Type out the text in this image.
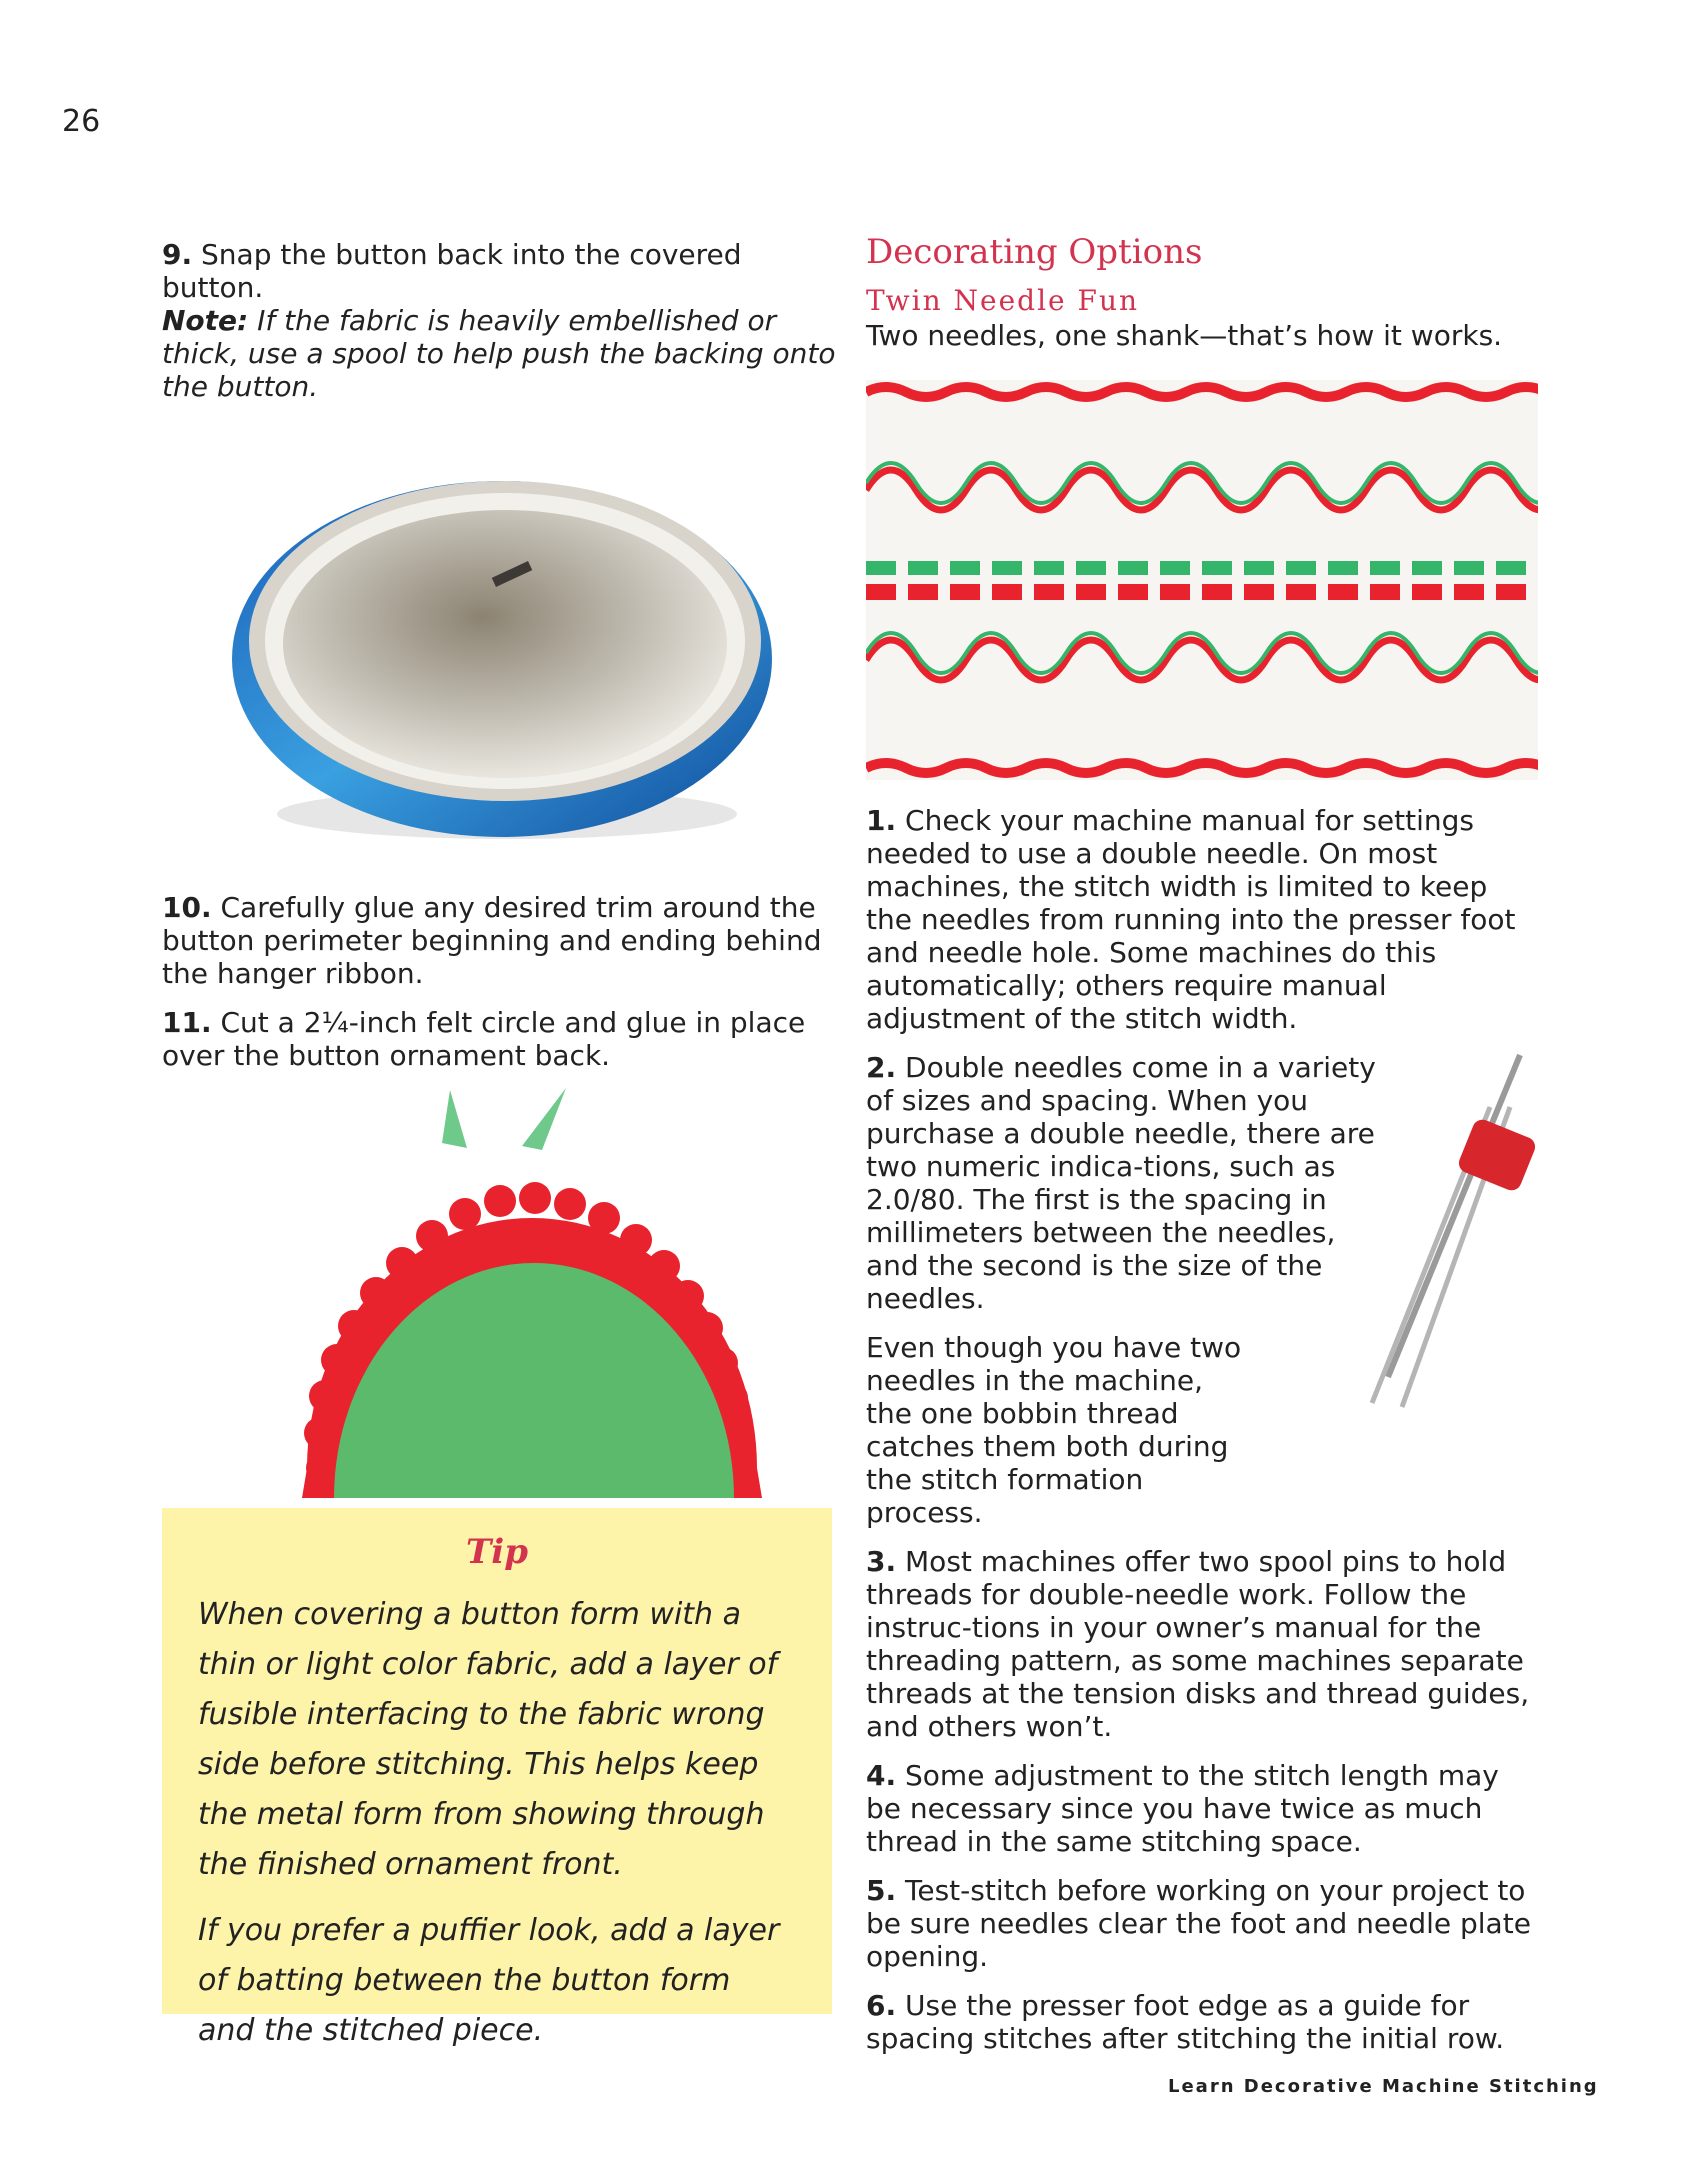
26

9. Snap the button back into the covered button.
Note: If the fabric is heavily embellished or thick, use a spool to help push the backing onto the button.

10. Carefully glue any desired trim around the button perimeter beginning and ending behind the hanger ribbon.

11. Cut a 2¼-inch felt circle and glue in place over the button ornament back.

Tip

When covering a button form with a thin or light color fabric, add a layer of fusible interfacing to the fabric wrong side before stitching. This helps keep the metal form from showing through the finished ornament front.

If you prefer a puffier look, add a layer of batting between the button form and the stitched piece.

Decorating Options
Twin Needle Fun
Two needles, one shank—that’s how it works.

1. Check your machine manual for settings needed to use a double needle. On most machines, the stitch width is limited to keep the needles from running into the presser foot and needle hole. Some machines do this automatically; others require manual adjustment of the stitch width.

2. Double needles come in a variety of sizes and spacing. When you purchase a double needle, there are two numeric indica-tions, such as 2.0/80. The first is the spacing in millimeters between the needles, and the second is the size of the needles.

Even though you have two needles in the machine, the one bobbin thread catches them both during the stitch formation process.

3. Most machines offer two spool pins to hold threads for double-needle work. Follow the instruc-tions in your owner’s manual for the threading pattern, as some machines separate threads at the tension disks and thread guides, and others won’t.

4. Some adjustment to the stitch length may be necessary since you have twice as much thread in the same stitching space.

5. Test-stitch before working on your project to be sure needles clear the foot and needle plate opening.

6. Use the presser foot edge as a guide for spacing stitches after stitching the initial row.

Learn Decorative Machine Stitching
